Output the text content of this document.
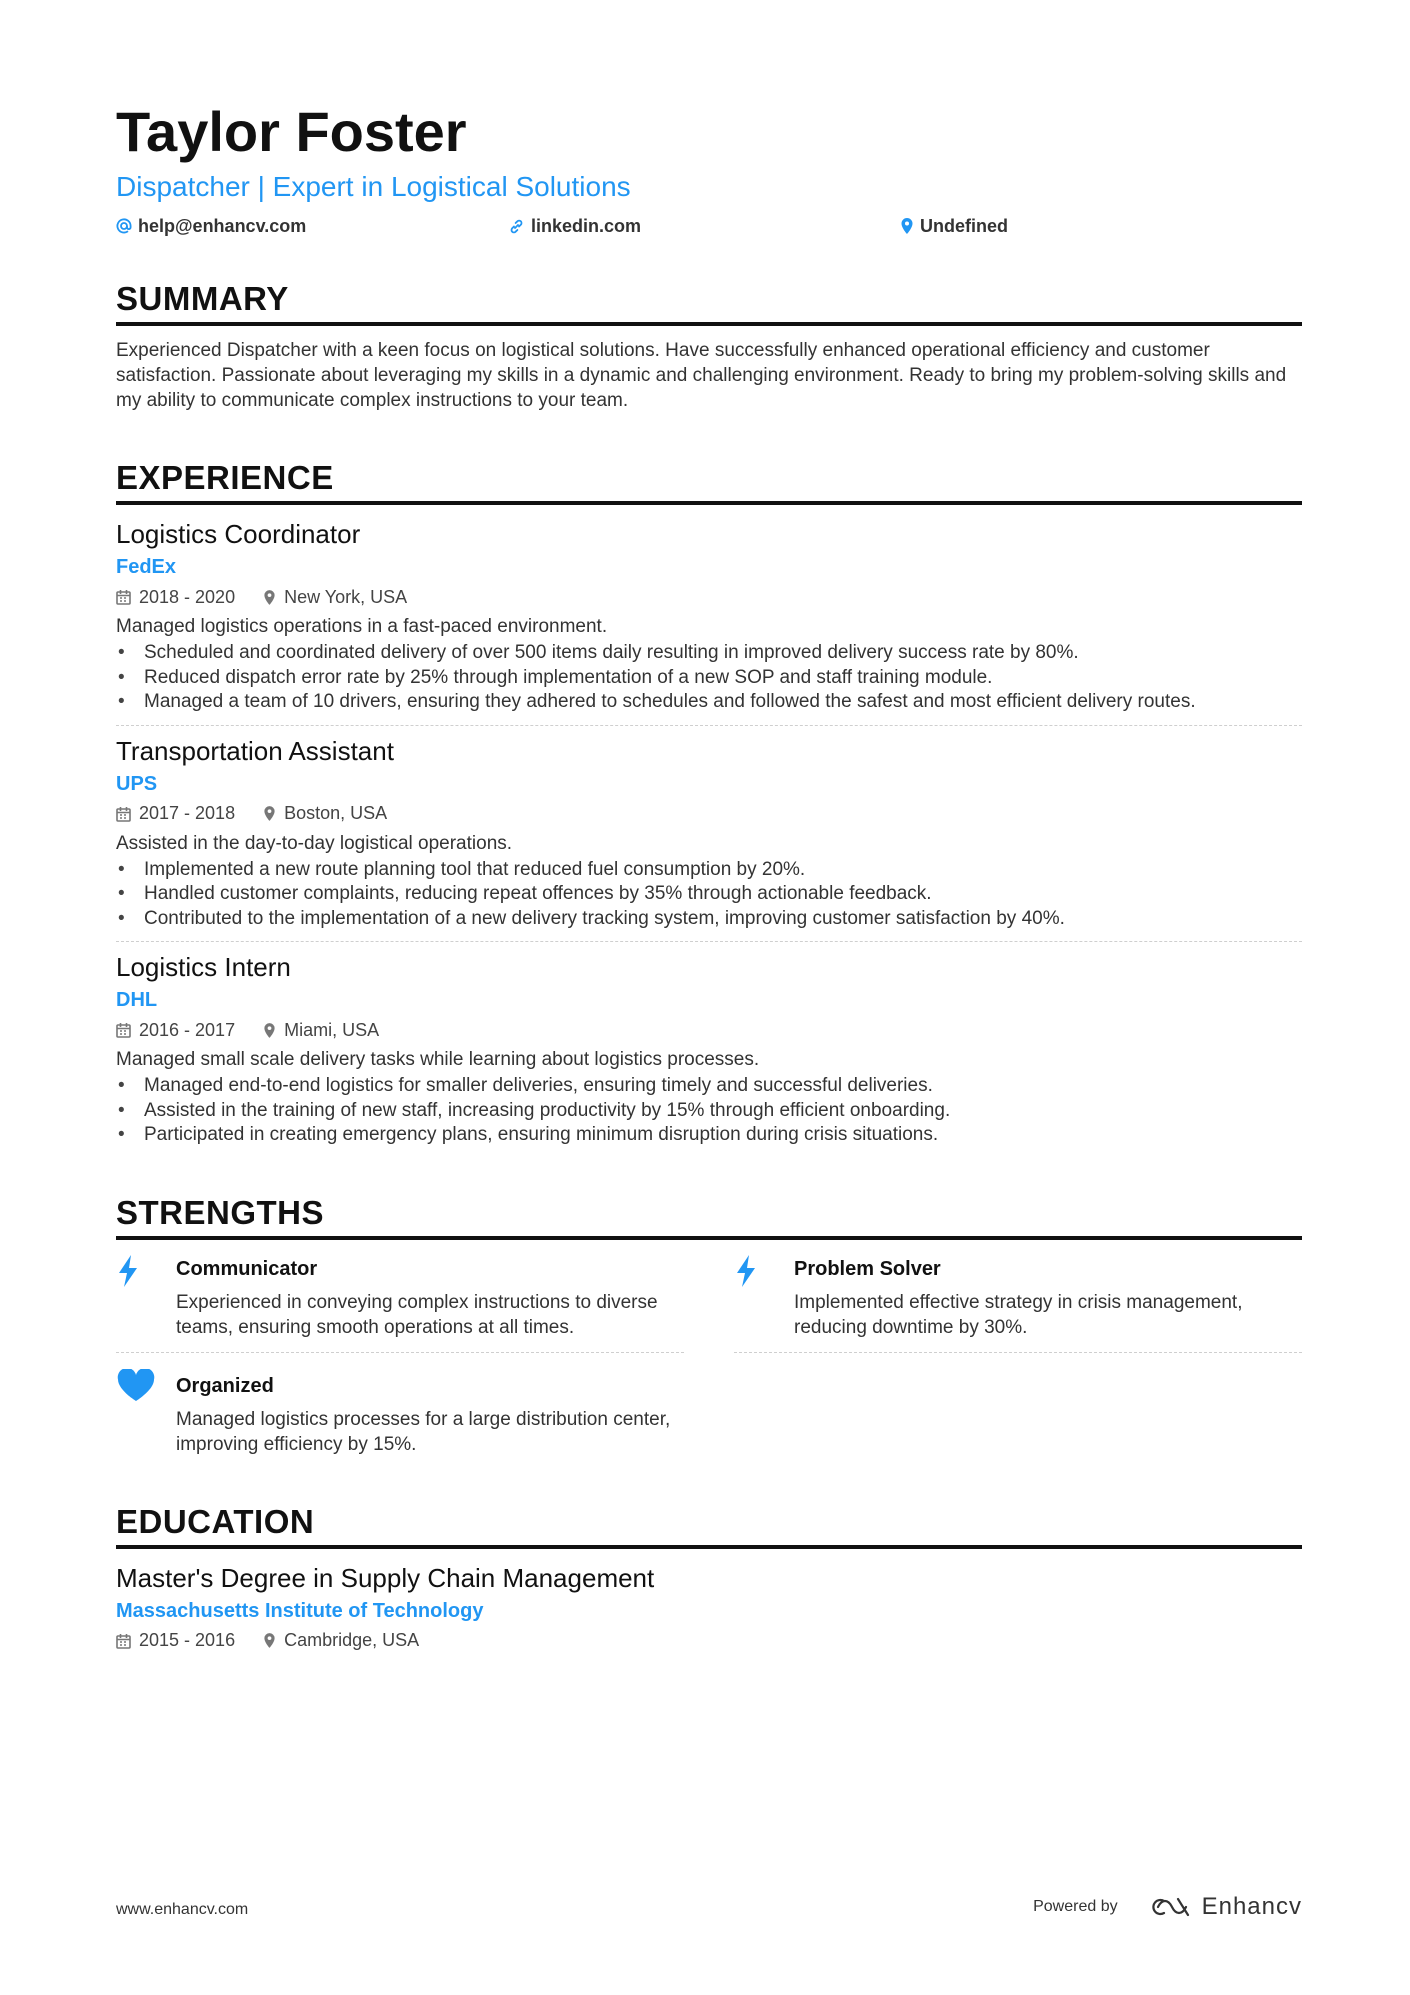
Taylor Foster
Dispatcher | Expert in Logistical Solutions
help@enhancv.com	linkedin.com	Undefined
SUMMARY
Experienced Dispatcher with a keen focus on logistical solutions. Have successfully enhanced operational efficiency and customer satisfaction. Passionate about leveraging my skills in a dynamic and challenging environment. Ready to bring my problem-solving skills and my ability to communicate complex instructions to your team.
EXPERIENCE
Logistics Coordinator
FedEx
2018 - 2020	New York, USA
Managed logistics operations in a fast-paced environment.
• Scheduled and coordinated delivery of over 500 items daily resulting in improved delivery success rate by 80%.
• Reduced dispatch error rate by 25% through implementation of a new SOP and staff training module.
• Managed a team of 10 drivers, ensuring they adhered to schedules and followed the safest and most efficient delivery routes.
Transportation Assistant
UPS
2017 - 2018	Boston, USA
Assisted in the day-to-day logistical operations.
• Implemented a new route planning tool that reduced fuel consumption by 20%.
• Handled customer complaints, reducing repeat offences by 35% through actionable feedback.
• Contributed to the implementation of a new delivery tracking system, improving customer satisfaction by 40%.
Logistics Intern
DHL
2016 - 2017	Miami, USA
Managed small scale delivery tasks while learning about logistics processes.
• Managed end-to-end logistics for smaller deliveries, ensuring timely and successful deliveries.
• Assisted in the training of new staff, increasing productivity by 15% through efficient onboarding.
• Participated in creating emergency plans, ensuring minimum disruption during crisis situations.
STRENGTHS
Communicator
Experienced in conveying complex instructions to diverse teams, ensuring smooth operations at all times.
Problem Solver
Implemented effective strategy in crisis management, reducing downtime by 30%.
Organized
Managed logistics processes for a large distribution center, improving efficiency by 15%.
EDUCATION
Master's Degree in Supply Chain Management
Massachusetts Institute of Technology
2015 - 2016	Cambridge, USA
www.enhancv.com	Powered by	Enhancv
